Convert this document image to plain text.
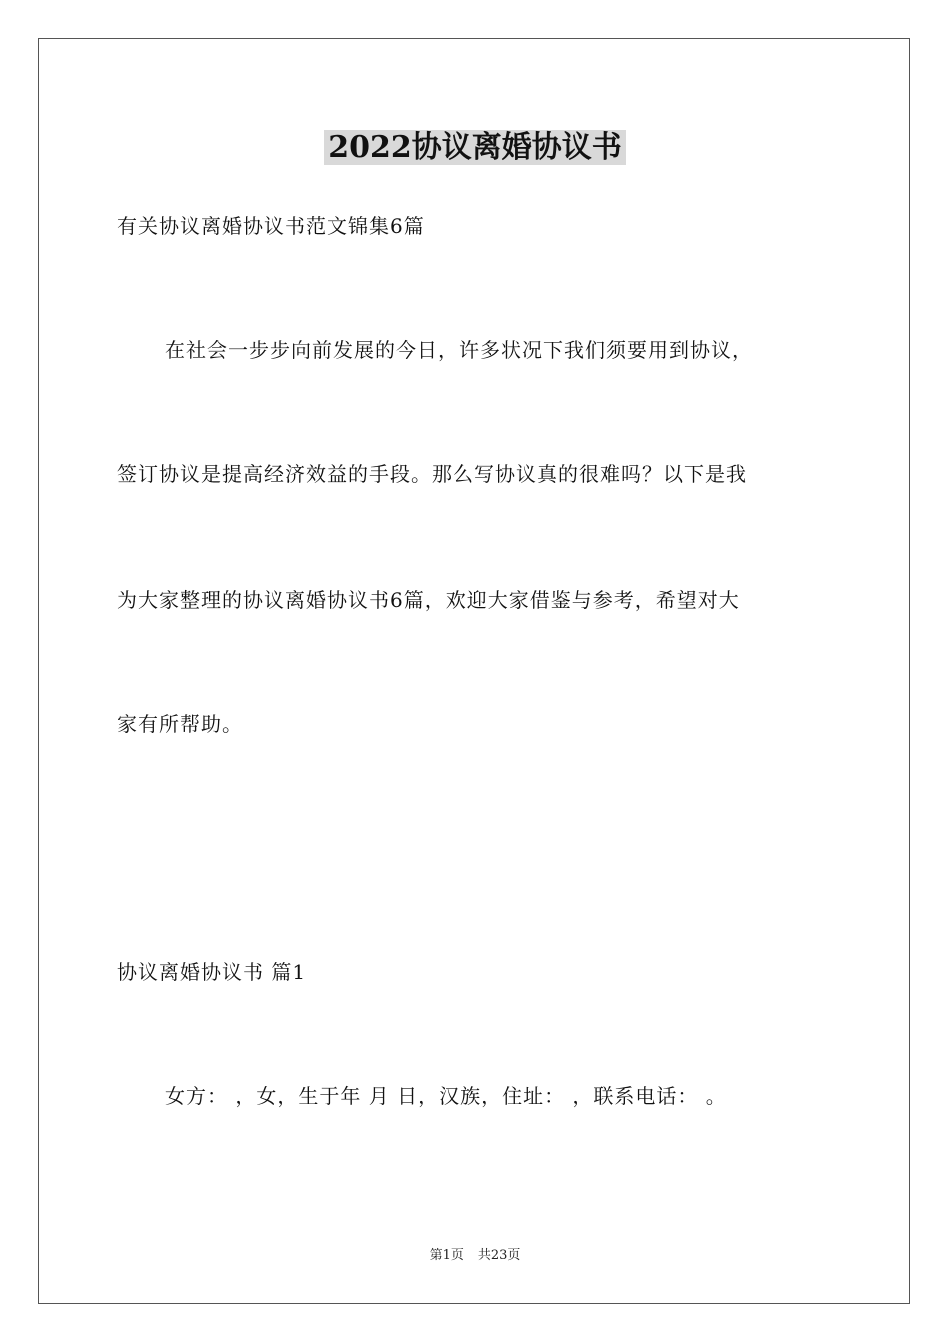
2022协议离婚协议书

有关协议离婚协议书范文锦集6篇

在社会一步步向前发展的今日，许多状况下我们须要用到协议，

签订协议是提高经济效益的手段。那么写协议真的很难吗？以下是我

为大家整理的协议离婚协议书6篇，欢迎大家借鉴与参考，希望对大

家有所帮助。

协议离婚协议书 篇1

女方： ，女，生于年 月 日，汉族，住址： ，联系电话： 。

第1页 共23页
